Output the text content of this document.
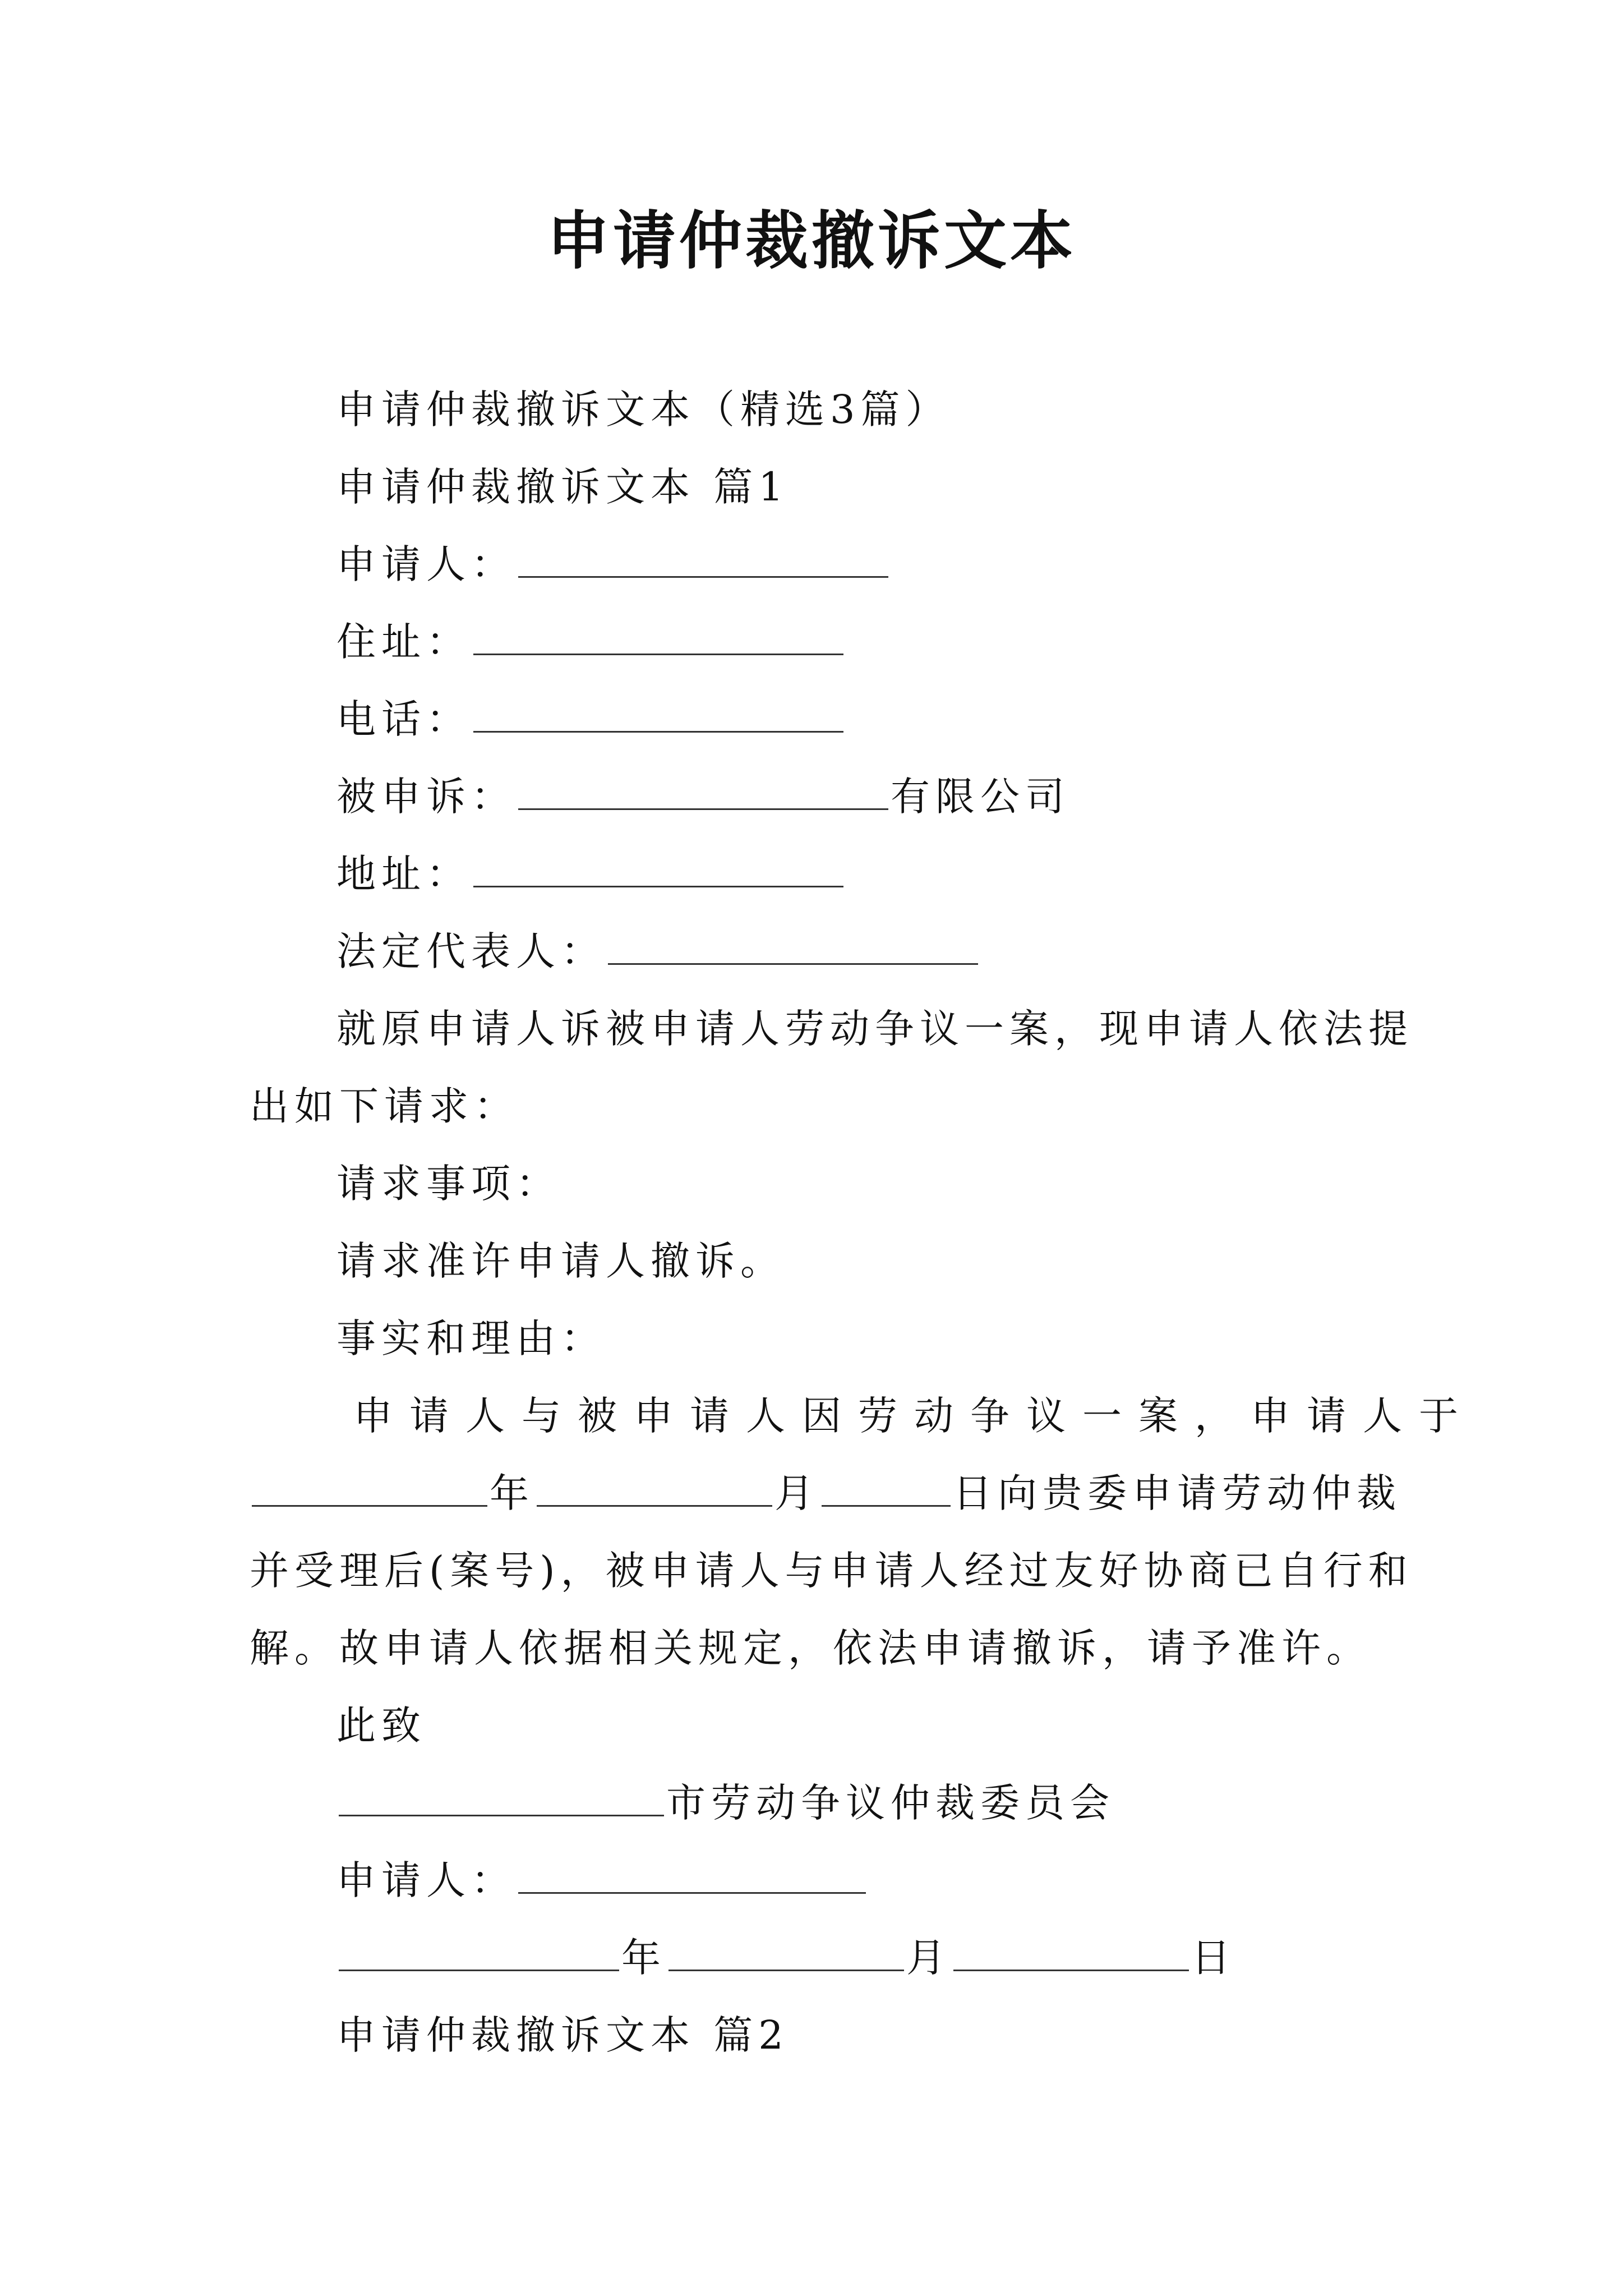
申请仲裁撤诉文本
申请仲裁撤诉文本（精选3篇）
申请仲裁撤诉文本 篇1
申请人：
住址：
电话：
被申诉：	有限公司
地址：
法定代表人：
就原申请人诉被申请人劳动争议一案，现申请人依法提
出如下请求：
请求事项：
请求准许申请人撤诉。
事实和理由：
申请人与被申请人因劳动争议一案，申请人于
年	月	日向贵委申请劳动仲裁
并受理后(案号)，被申请人与申请人经过友好协商已自行和
解。故申请人依据相关规定，依法申请撤诉，请予准许。
此致
市劳动争议仲裁委员会
申请人：
年	月	日
申请仲裁撤诉文本 篇2
